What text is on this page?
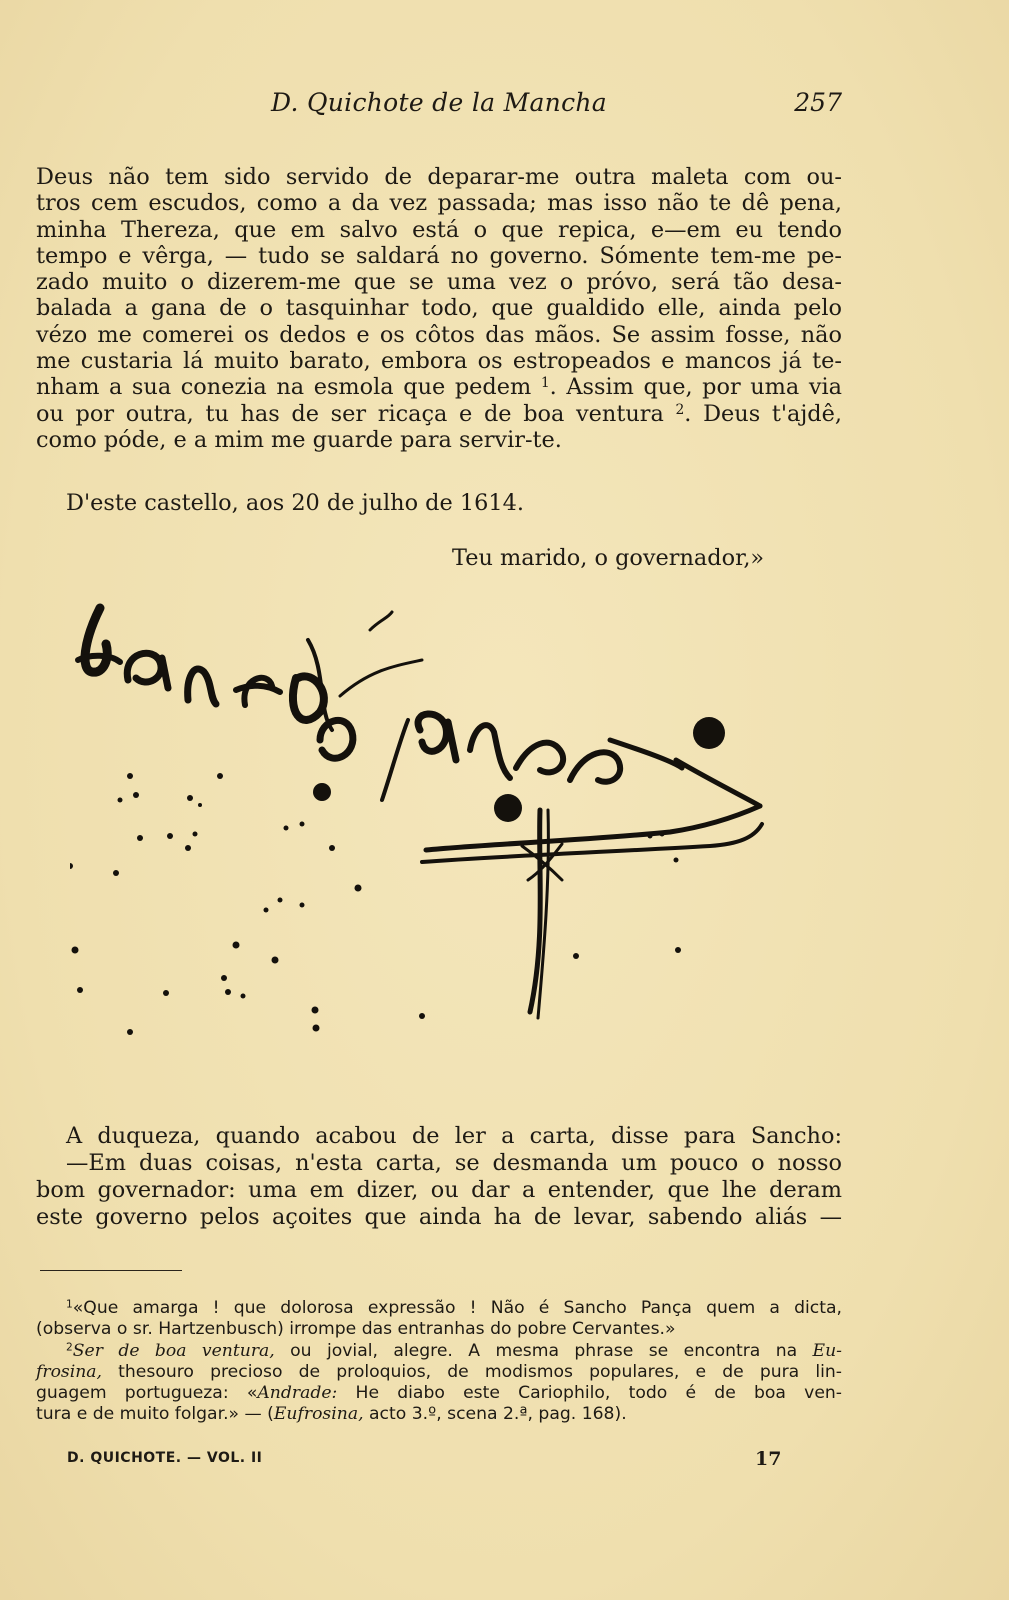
D. Quichote de la Mancha	257
Deus não tem sido servido de deparar-me outra maleta com ou-
tros cem escudos, como a da vez passada; mas isso não te dê pena,
minha Thereza, que em salvo está o que repica, e—em eu tendo
tempo e vêrga, — tudo se saldará no governo. Sómente tem-me pe-
zado muito o dizerem-me que se uma vez o próvo, será tão desa-
balada a gana de o tasquinhar todo, que gualdido elle, ainda pelo
vézo me comerei os dedos e os côtos das mãos. Se assim fosse, não
me custaria lá muito barato, embora os estropeados e mancos já te-
nham a sua conezia na esmola que pedem $^1$. Assim que, por uma via
ou por outra, tu has de ser ricaça e de boa ventura $^2$. Deus t'ajdê,
como póde, e a mim me guarde para servir-te.
D'este castello, aos 20 de julho de 1614.
Teu marido, o governador,»
A duqueza, quando acabou de ler a carta, disse para Sancho:
—Em duas coisas, n'esta carta, se desmanda um pouco o nosso
bom governador: uma em dizer, ou dar a entender, que lhe deram
este governo pelos açoites que ainda ha de levar, sabendo aliás —
$^1$«Que amarga ! que dolorosa expressão ! Não é Sancho Pança quem a dicta,
(observa o sr. Hartzenbusch) irrompe das entranhas do pobre Cervantes.»
$^2$Ser de boa ventura, ou jovial, alegre. A mesma phrase se encontra na Eu-
frosina, thesouro precioso de proloquios, de modismos populares, e de pura lin-
guagem portugueza: «Andrade: He diabo este Cariophilo, todo é de boa ven-
tura e de muito folgar.» — (Eufrosina, acto 3.º, scena 2.ª, pag. 168).
D. QUICHOTE. — VOL. II	17
